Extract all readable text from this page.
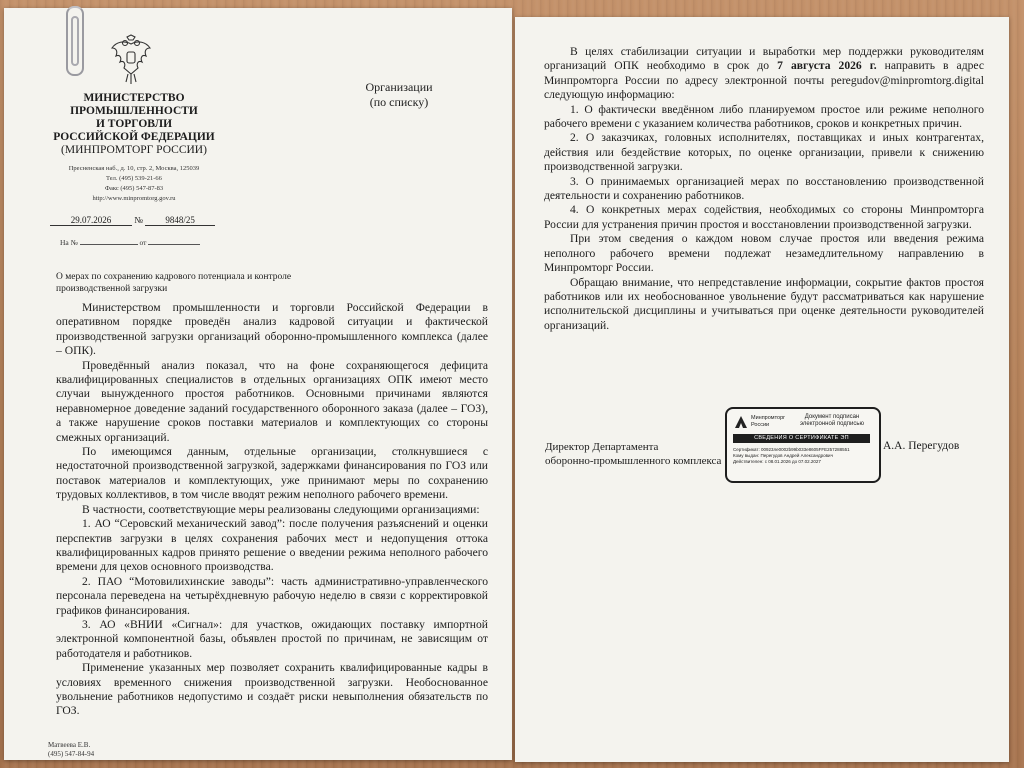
МИНИСТЕРСТВО
ПРОМЫШЛЕННОСТИ
И ТОРГОВЛИ
РОССИЙСКОЙ ФЕДЕРАЦИИ
(МИНПРОМТОРГ РОССИИ)
Пресненская наб., д. 10, стр. 2, Москва, 125039
Тел. (495) 539-21-66
Факс (495) 547-87-83
http://www.minpromtorg.gov.ru
29.07.2026	№ 9848/25
На №	от
Организации
(по списку)
О мерах по сохранению кадрового потенциала и контроле производственной загрузки

Министерством промышленности и торговли Российской Федерации в оперативном порядке проведён анализ кадровой ситуации и фактической производственной загрузки организаций оборонно-промышленного комплекса (далее – ОПК).

Проведённый анализ показал, что на фоне сохраняющегося дефицита квалифицированных специалистов в отдельных организациях ОПК имеют место случаи вынужденного простоя работников. Основными причинами являются неравномерное доведение заданий государственного оборонного заказа (далее – ГОЗ), а также нарушение сроков поставки материалов и комплектующих со стороны смежных организаций.

По имеющимся данным, отдельные организации, столкнувшиеся с недостаточной производственной загрузкой, задержками финансирования по ГОЗ или поставок материалов и комплектующих, уже принимают меры по сохранению трудовых коллективов, в том числе вводят режим неполного рабочего времени.

В частности, соответствующие меры реализованы следующими организациями:

1. АО “Серовский механический завод”: после получения разъяснений и оценки перспектив загрузки в целях сохранения рабочих мест и недопущения оттока квалифицированных кадров принято решение о введении режима неполного рабочего времени для цехов основного производства.

2. ПАО “Мотовилихинские заводы”: часть административно-управленческого персонала переведена на четырёхдневную рабочую неделю в связи с корректировкой графиков финансирования.

3. АО «ВНИИ «Сигнал»: для участков, ожидающих поставку импортной электронной компонентной базы, объявлен простой по причинам, не зависящим от работодателя и работников.

Применение указанных мер позволяет сохранить квалифицированные кадры в условиях временного снижения производственной загрузки. Необоснованное увольнение работников недопустимо и создаёт риски невыполнения обязательств по ГОЗ.

Матвеева Е.В.
(495) 547-84-94

В целях стабилизации ситуации и выработки мер поддержки руководителям организаций ОПК необходимо в срок до 7 августа 2026 г. направить в адрес Минпромторга России по адресу электронной почты peregudov@minpromtorg.digital следующую информацию:

1. О фактически введённом либо планируемом простое или режиме неполного рабочего времени с указанием количества работников, сроков и конкретных причин.

2. О заказчиках, головных исполнителях, поставщиках и иных контрагентах, действия или бездействие которых, по оценке организации, привели к снижению производственной загрузки.

3. О принимаемых организацией мерах по восстановлению производственной деятельности и сохранению работников.

4. О конкретных мерах содействия, необходимых со стороны Минпромторга России для устранения причин простоя и восстановлении производственной загрузки.

При этом сведения о каждом новом случае простоя или введения режима неполного рабочего времени подлежат незамедлительному направлению в Минпромторг России.

Обращаю внимание, что непредставление информации, сокрытие фактов простоя работников или их необоснованное увольнение будут рассматриваться как нарушение исполнительской дисциплины и учитываться при оценке деятельности руководителей организаций.

Директор Департамента
оборонно-промышленного комплекса
Минпромторг России
Документ подписан электронной подписью
СВЕДЕНИЯ О СЕРТИФИКАТЕ ЭП
Сертификат: 00923ле0002b99b033e8605FFE257288551
Кому выдан: Перегудов Андрей Александрович
Действителен: с 08.01.2026 до 07.02.2027
А.А. Перегудов
